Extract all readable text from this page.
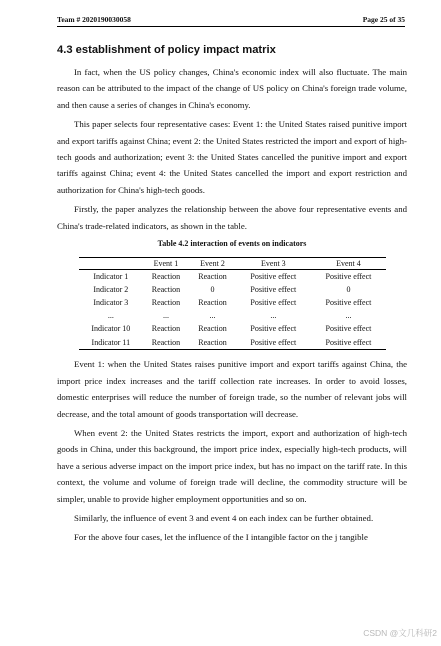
Team # 2020190030058	Page 25 of 35
4.3 establishment of policy impact matrix

In fact, when the US policy changes, China's economic index will also fluctuate. The main reason can be attributed to the impact of the change of US policy on China's foreign trade volume, and then cause a series of changes in China's economy.

This paper selects four representative cases: Event 1: the United States raised punitive import and export tariffs against China; event 2: the United States restricted the import and export of high-tech goods and authorization; event 3: the United States cancelled the punitive import and export tariffs against China; event 4: the United States cancelled the import and export restriction and authorization for China's high-tech goods.

Firstly, the paper analyzes the relationship between the above four representative events and China's trade-related indicators, as shown in the table.

Table 4.2 interaction of events on indicators
	Event 1	Event 2	Event 3	Event 4
Indicator 1	Reaction	Reaction	Positive effect	Positive effect
Indicator 2	Reaction	0	Positive effect	0
Indicator 3	Reaction	Reaction	Positive effect	Positive effect
...	...	...	...	...
Indicator 10	Reaction	Reaction	Positive effect	Positive effect
Indicator 11	Reaction	Reaction	Positive effect	Positive effect

Event 1: when the United States raises punitive import and export tariffs against China, the import price index increases and the tariff collection rate increases. In order to avoid losses, domestic enterprises will reduce the number of foreign trade, so the number of relevant jobs will decrease, and the total amount of goods transportation will decrease.

When event 2: the United States restricts the import, export and authorization of high-tech goods in China, under this background, the import price index, especially high-tech products, will have a serious adverse impact on the import price index, but has no impact on the tariff rate. In this context, the volume and volume of foreign trade will decline, the commodity structure will be simpler, unable to provide higher employment opportunities and so on.

Similarly, the influence of event 3 and event 4 on each index can be further obtained.

For the above four cases, let the influence of the I intangible factor on the j tangible

CSDN @文几科研2
